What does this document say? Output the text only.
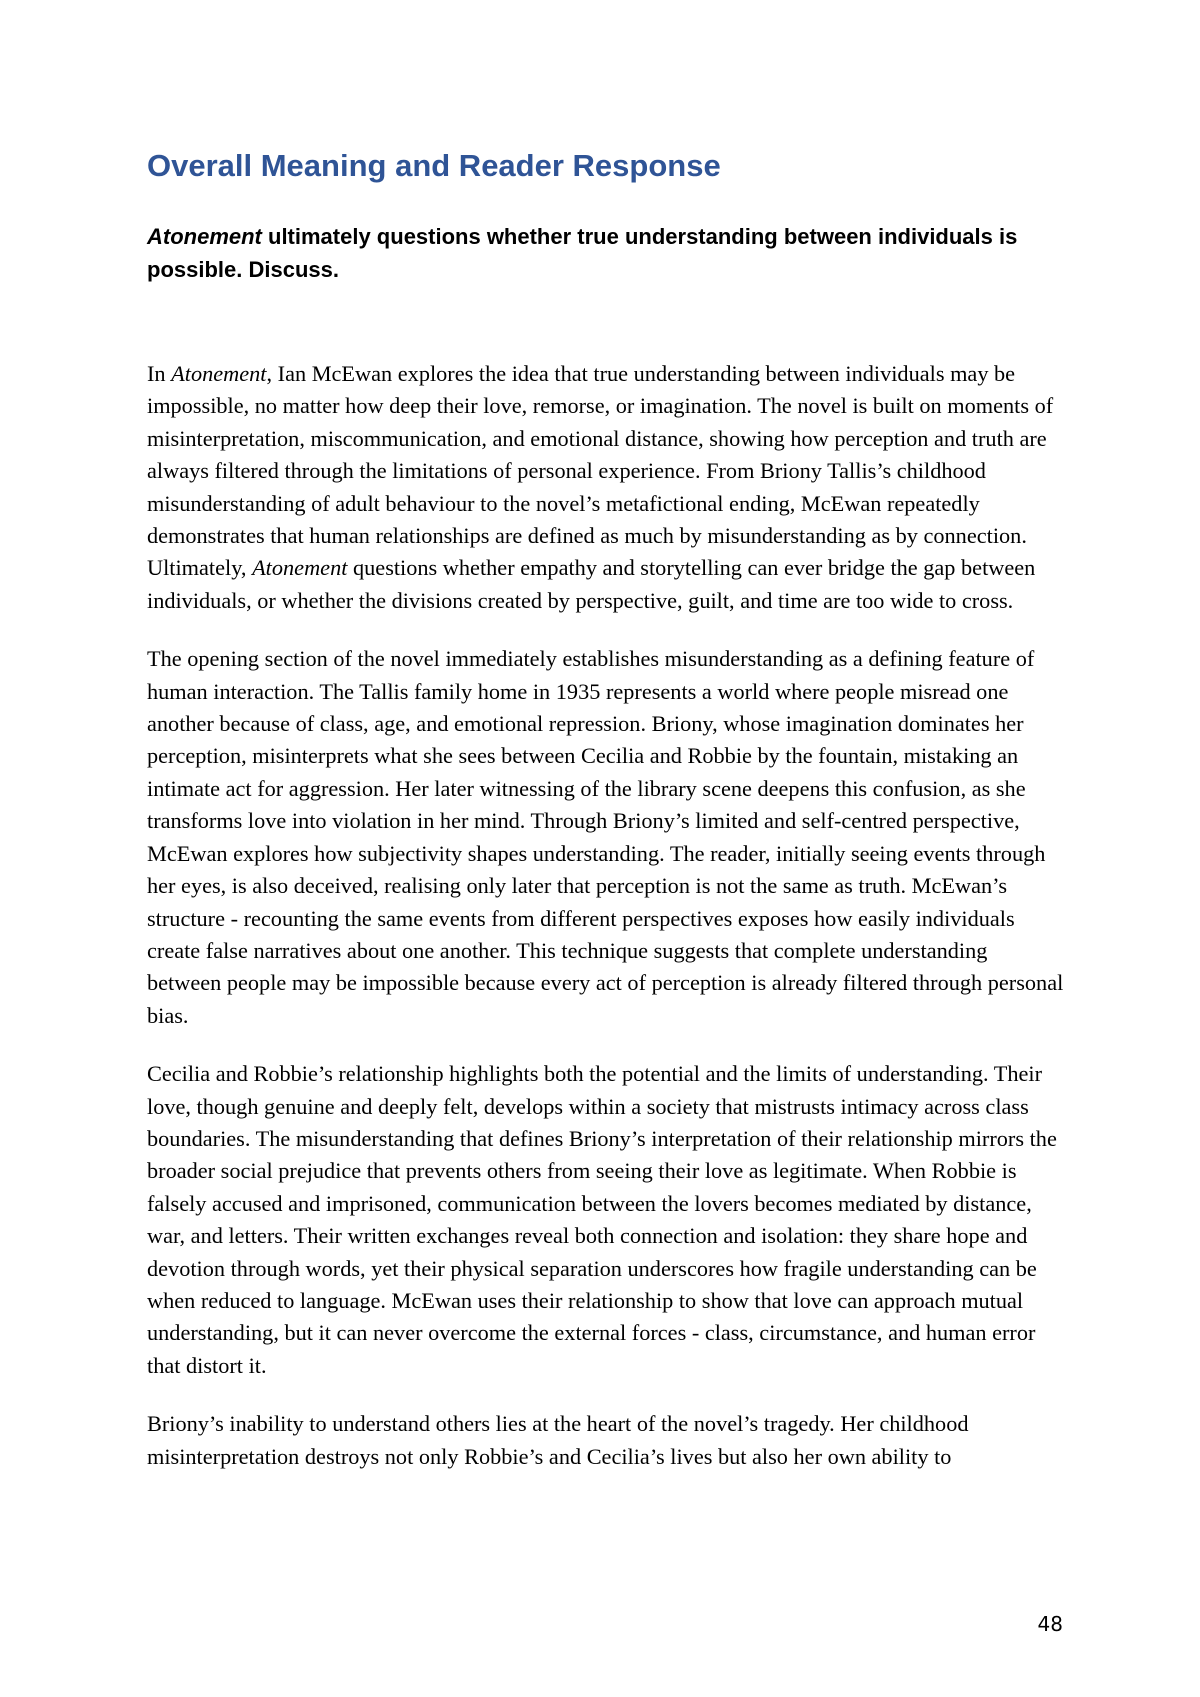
Overall Meaning and Reader Response

Atonement ultimately questions whether true understanding between individuals is possible. Discuss.

In Atonement, Ian McEwan explores the idea that true understanding between individuals may be impossible, no matter how deep their love, remorse, or imagination. The novel is built on moments of misinterpretation, miscommunication, and emotional distance, showing how perception and truth are always filtered through the limitations of personal experience. From Briony Tallis’s childhood misunderstanding of adult behaviour to the novel’s metafictional ending, McEwan repeatedly demonstrates that human relationships are defined as much by misunderstanding as by connection. Ultimately, Atonement questions whether empathy and storytelling can ever bridge the gap between individuals, or whether the divisions created by perspective, guilt, and time are too wide to cross.

The opening section of the novel immediately establishes misunderstanding as a defining feature of human interaction. The Tallis family home in 1935 represents a world where people misread one another because of class, age, and emotional repression. Briony, whose imagination dominates her perception, misinterprets what she sees between Cecilia and Robbie by the fountain, mistaking an intimate act for aggression. Her later witnessing of the library scene deepens this confusion, as she transforms love into violation in her mind. Through Briony’s limited and self-centred perspective, McEwan explores how subjectivity shapes understanding. The reader, initially seeing events through her eyes, is also deceived, realising only later that perception is not the same as truth. McEwan’s structure - recounting the same events from different perspectives exposes how easily individuals create false narratives about one another. This technique suggests that complete understanding between people may be impossible because every act of perception is already filtered through personal bias.

Cecilia and Robbie’s relationship highlights both the potential and the limits of understanding. Their love, though genuine and deeply felt, develops within a society that mistrusts intimacy across class boundaries. The misunderstanding that defines Briony’s interpretation of their relationship mirrors the broader social prejudice that prevents others from seeing their love as legitimate. When Robbie is falsely accused and imprisoned, communication between the lovers becomes mediated by distance, war, and letters. Their written exchanges reveal both connection and isolation: they share hope and devotion through words, yet their physical separation underscores how fragile understanding can be when reduced to language. McEwan uses their relationship to show that love can approach mutual understanding, but it can never overcome the external forces - class, circumstance, and human error that distort it.

Briony’s inability to understand others lies at the heart of the novel’s tragedy. Her childhood misinterpretation destroys not only Robbie’s and Cecilia’s lives but also her own ability to

48
